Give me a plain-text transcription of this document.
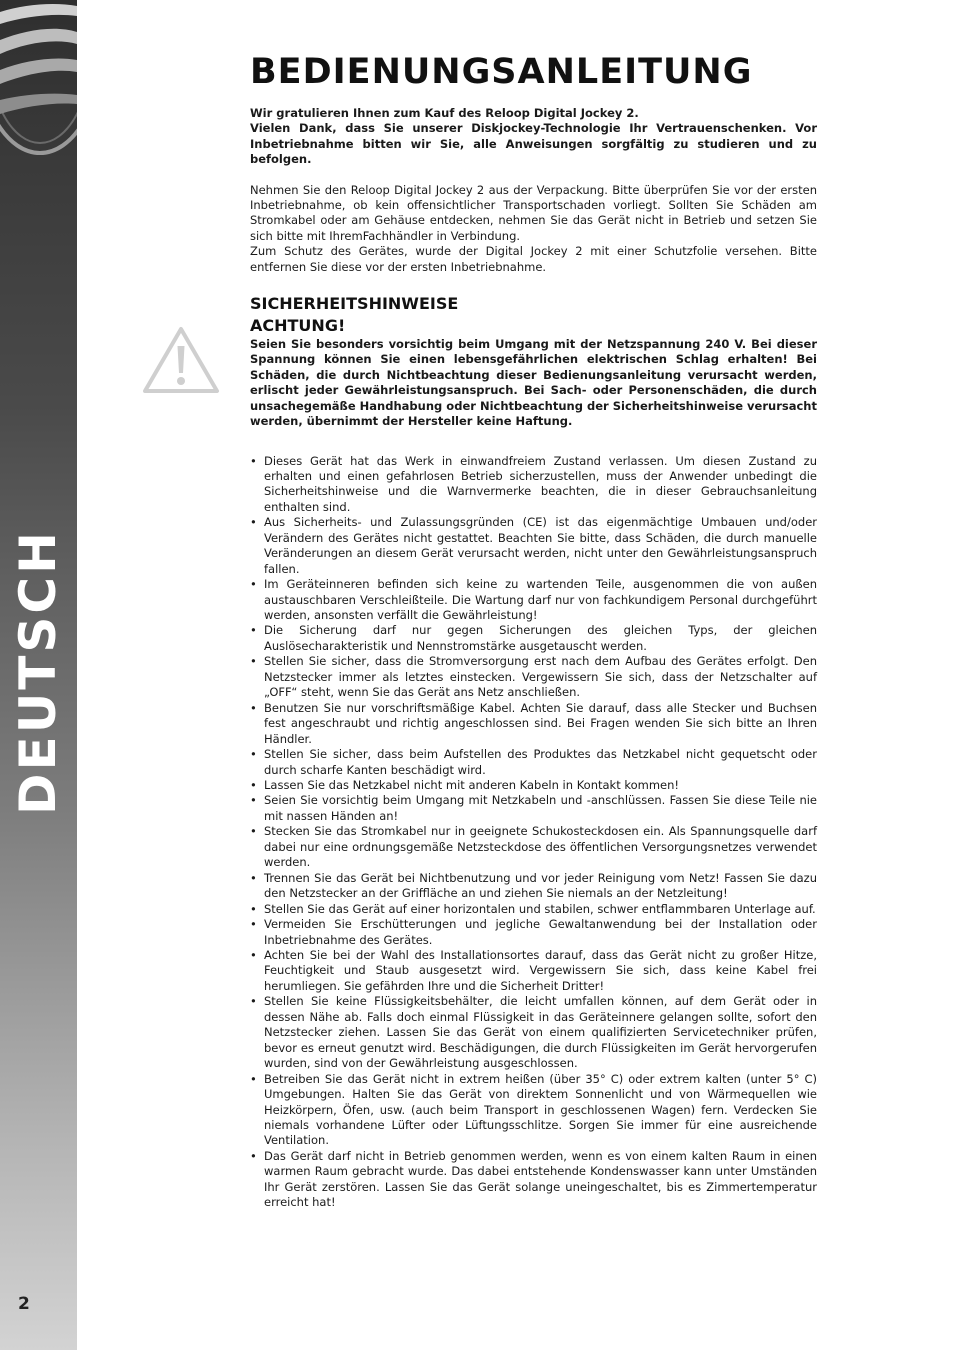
DEUTSCH
2
BEDIENUNGSANLEITUNG

Wir gratulieren Ihnen zum Kauf des Reloop Digital Jockey 2.

Vielen Dank, dass Sie unserer Diskjockey-Technologie Ihr Vertrauenschenken. Vor Inbetriebnahme bitten wir Sie, alle Anweisungen sorgfältig zu studieren und zu befolgen.

Nehmen Sie den Reloop Digital Jockey 2 aus der Verpackung. Bitte überprüfen Sie vor der ersten Inbetriebnahme, ob kein offensichtlicher Transportschaden vorliegt. Sollten Sie Schäden am Stromkabel oder am Gehäuse entdecken, nehmen Sie das Gerät nicht in Betrieb und setzen Sie sich bitte mit IhremFachhändler in Verbindung.

Zum Schutz des Gerätes, wurde der Digital Jockey 2 mit einer Schutzfolie versehen. Bitte entfernen Sie diese vor der ersten Inbetriebnahme.

SICHERHEITSHINWEISE
ACHTUNG!

Seien Sie besonders vorsichtig beim Umgang mit der Netzspannung 240 V. Bei dieser Spannung können Sie einen lebensgefährlichen elektrischen Schlag erhalten! Bei Schäden, die durch Nichtbeachtung dieser Bedienungsanleitung verursacht werden, erlischt jeder Gewährleistungsanspruch. Bei Sach- oder Personenschäden, die durch unsachegemäße Handhabung oder Nichtbeachtung der Sicherheitshinweise verursacht werden, übernimmt der Hersteller keine Haftung.

• Dieses Gerät hat das Werk in einwandfreiem Zustand verlassen. Um diesen Zustand zu erhalten und einen gefahrlosen Betrieb sicherzustellen, muss der Anwender unbedingt die Sicherheitshinweise und die Warnvermerke beachten, die in dieser Gebrauchsanleitung enthalten sind.
• Aus Sicherheits- und Zulassungsgründen (CE) ist das eigenmächtige Umbauen und/oder Verändern des Gerätes nicht gestattet. Beachten Sie bitte, dass Schäden, die durch manuelle Veränderungen an diesem Gerät verursacht werden, nicht unter den Gewährleistungsanspruch fallen.
• Im Geräteinneren befinden sich keine zu wartenden Teile, ausgenommen die von außen austauschbaren Verschleißteile. Die Wartung darf nur von fachkundigem Personal durchgeführt werden, ansonsten verfällt die Gewährleistung!
• Die Sicherung darf nur gegen Sicherungen des gleichen Typs, der gleichen Auslösecharakteristik und Nennstromstärke ausgetauscht werden.
• Stellen Sie sicher, dass die Stromversorgung erst nach dem Aufbau des Gerätes erfolgt. Den Netzstecker immer als letztes einstecken. Vergewissern Sie sich, dass der Netzschalter auf „OFF“ steht, wenn Sie das Gerät ans Netz anschließen.
• Benutzen Sie nur vorschriftsmäßige Kabel. Achten Sie darauf, dass alle Stecker und Buchsen fest angeschraubt und richtig angeschlossen sind. Bei Fragen wenden Sie sich bitte an Ihren Händler.
• Stellen Sie sicher, dass beim Aufstellen des Produktes das Netzkabel nicht gequetscht oder durch scharfe Kanten beschädigt wird.
• Lassen Sie das Netzkabel nicht mit anderen Kabeln in Kontakt kommen!
• Seien Sie vorsichtig beim Umgang mit Netzkabeln und -anschlüssen. Fassen Sie diese Teile nie mit nassen Händen an!
• Stecken Sie das Stromkabel nur in geeignete Schukosteckdosen ein. Als Spannungsquelle darf dabei nur eine ordnungsgemäße Netzsteckdose des öffentlichen Versorgungsnetzes verwendet werden.
• Trennen Sie das Gerät bei Nichtbenutzung und vor jeder Reinigung vom Netz! Fassen Sie dazu den Netzstecker an der Griffläche an und ziehen Sie niemals an der Netzleitung!
• Stellen Sie das Gerät auf einer horizontalen und stabilen, schwer entflammbaren Unterlage auf.
• Vermeiden Sie Erschütterungen und jegliche Gewaltanwendung bei der Installation oder Inbetriebnahme des Gerätes.
• Achten Sie bei der Wahl des Installationsortes darauf, dass das Gerät nicht zu großer Hitze, Feuchtigkeit und Staub ausgesetzt wird. Vergewissern Sie sich, dass keine Kabel frei herumliegen. Sie gefährden Ihre und die Sicherheit Dritter!
• Stellen Sie keine Flüssigkeitsbehälter, die leicht umfallen können, auf dem Gerät oder in dessen Nähe ab. Falls doch einmal Flüssigkeit in das Geräteinnere gelangen sollte, sofort den Netzstecker ziehen. Lassen Sie das Gerät von einem qualifizierten Servicetechniker prüfen, bevor es erneut genutzt wird. Beschädigungen, die durch Flüssigkeiten im Gerät hervorgerufen wurden, sind von der Gewährleistung ausgeschlossen.
• Betreiben Sie das Gerät nicht in extrem heißen (über 35° C) oder extrem kalten (unter 5° C) Umgebungen. Halten Sie das Gerät von direktem Sonnenlicht und von Wärmequellen wie Heizkörpern, Öfen, usw. (auch beim Transport in geschlossenen Wagen) fern. Verdecken Sie niemals vorhandene Lüfter oder Lüftungsschlitze. Sorgen Sie immer für eine ausreichende Ventilation.
• Das Gerät darf nicht in Betrieb genommen werden, wenn es von einem kalten Raum in einen warmen Raum gebracht wurde. Das dabei entstehende Kondenswasser kann unter Umständen Ihr Gerät zerstören. Lassen Sie das Gerät solange uneingeschaltet, bis es Zimmertemperatur erreicht hat!
